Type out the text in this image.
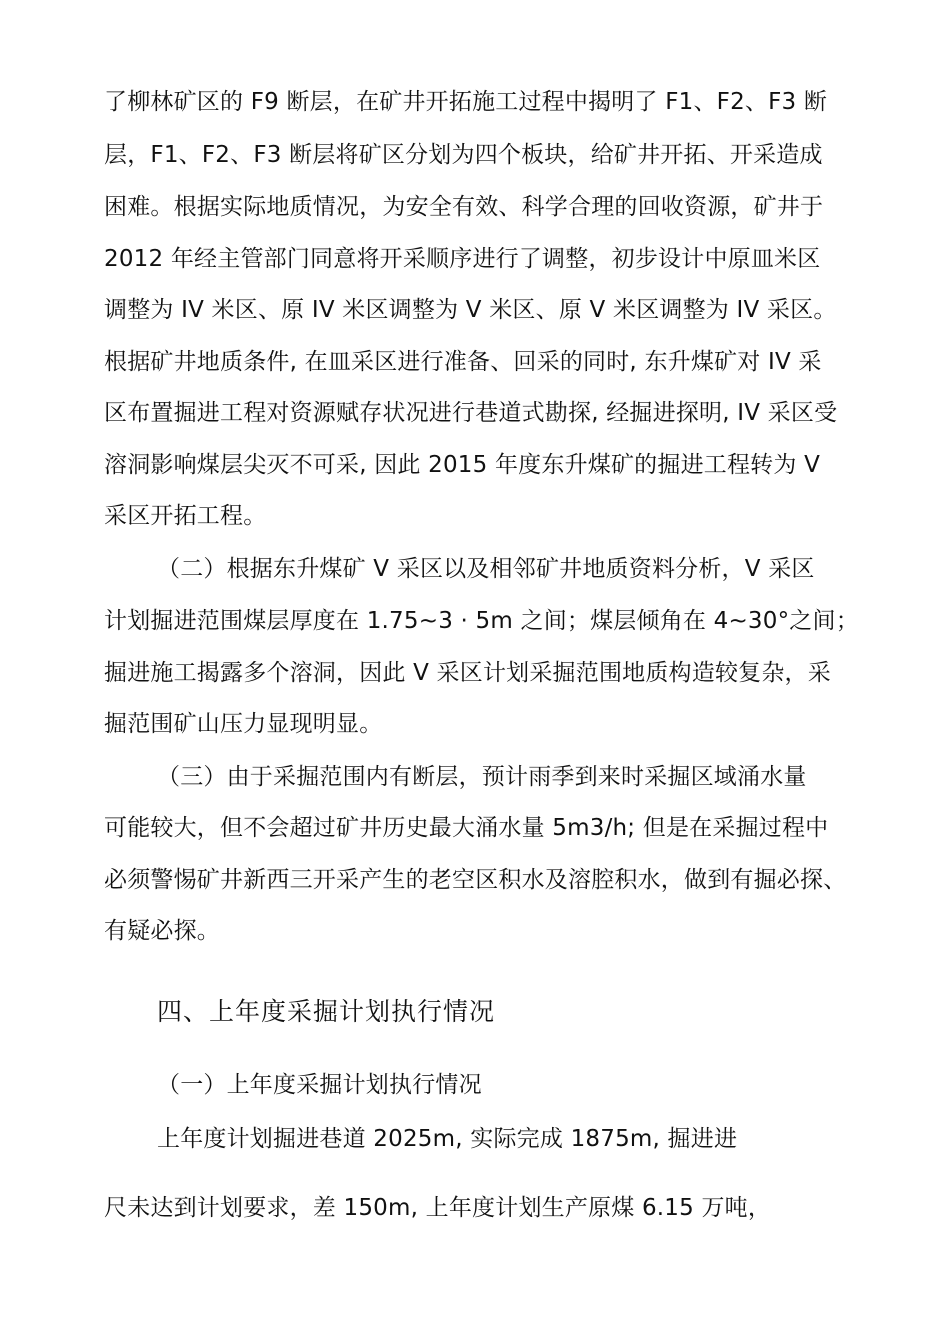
了柳林矿区的 F9 断层，在矿井开拓施工过程中揭明了 F1、F2、F3 断
层，F1、F2、F3 断层将矿区分划为四个板块，给矿井开拓、开采造成
困难。根据实际地质情况，为安全有效、科学合理的回收资源，矿井于
2012 年经主管部门同意将开采顺序进行了调整，初步设计中原皿米区
调整为 IV 米区、原 IV 米区调整为 V 米区、原 V 米区调整为 IV 采区。
根据矿井地质条件, 在皿采区进行准备、回采的同时, 东升煤矿对 IV 采
区布置掘进工程对资源赋存状况进行巷道式勘探, 经掘进探明, IV 采区受
溶洞影响煤层尖灭不可采, 因此 2015 年度东升煤矿的掘进工程转为 V
采区开拓工程。
（二）根据东升煤矿 V 采区以及相邻矿井地质资料分析，V 采区
计划掘进范围煤层厚度在 1.75~3 · 5m 之间；煤层倾角在 4~30°之间；
掘进施工揭露多个溶洞，因此 V 采区计划采掘范围地质构造较复杂，采
掘范围矿山压力显现明显。
（三）由于采掘范围内有断层，预计雨季到来时采掘区域涌水量
可能较大，但不会超过矿井历史最大涌水量 5m3/h; 但是在采掘过程中
必须警惕矿井新西三开采产生的老空区积水及溶腔积水，做到有掘必探、
有疑必探。
四、上年度采掘计划执行情况
（一）上年度采掘计划执行情况
上年度计划掘进巷道 2025m, 实际完成 1875m, 掘进进
尺未达到计划要求，差 150m, 上年度计划生产原煤 6.15 万吨，
